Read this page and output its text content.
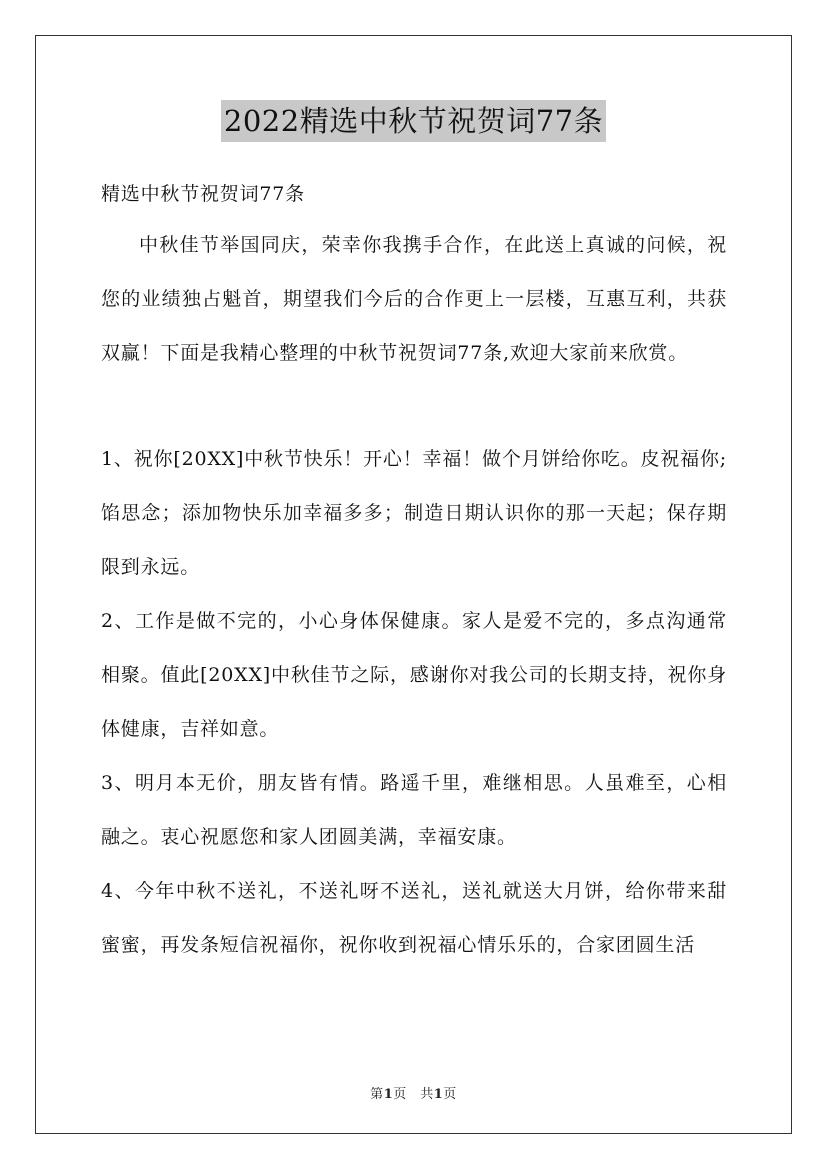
2022精选中秋节祝贺词77条

精选中秋节祝贺词77条

中秋佳节举国同庆，荣幸你我携手合作，在此送上真诚的问候，祝您的业绩独占魁首，期望我们今后的合作更上一层楼，互惠互利，共获双赢！下面是我精心整理的中秋节祝贺词77条,欢迎大家前来欣赏。

1、祝你[20XX]中秋节快乐！开心！幸福！做个月饼给你吃。皮祝福你;馅思念；添加物快乐加幸福多多；制造日期认识你的那一天起；保存期限到永远。

2、工作是做不完的，小心身体保健康。家人是爱不完的，多点沟通常相聚。值此[20XX]中秋佳节之际，感谢你对我公司的长期支持，祝你身体健康，吉祥如意。

3、明月本无价，朋友皆有情。路遥千里，难继相思。人虽难至，心相融之。衷心祝愿您和家人团圆美满，幸福安康。

4、今年中秋不送礼，不送礼呀不送礼，送礼就送大月饼，给你带来甜蜜蜜，再发条短信祝福你，祝你收到祝福心情乐乐的，合家团圆生活

第1页　共1页
